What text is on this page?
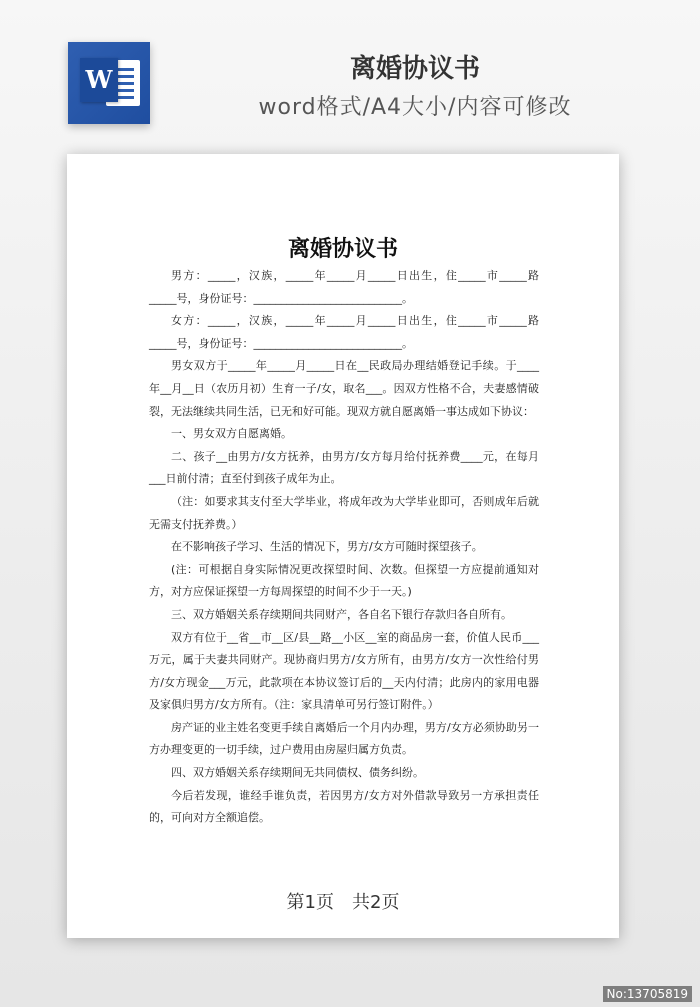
W	离婚协议书
word格式/A4大小/内容可修改
离婚协议书

男方：_____，汉族，_____年_____月_____日出生，住_____市_____路_____号，身份证号：___________________________。

女方：_____，汉族，_____年_____月_____日出生，住_____市_____路_____号，身份证号：___________________________。

男女双方于_____年_____月_____日在__民政局办理结婚登记手续。于____年__月__日（农历月初）生育一子/女，取名___。因双方性格不合，夫妻感情破裂，无法继续共同生活，已无和好可能。现双方就自愿离婚一事达成如下协议：

一、男女双方自愿离婚。

二、孩子__由男方/女方抚养，由男方/女方每月给付抚养费____元，在每月___日前付清；直至付到孩子成年为止。

（注：如要求其支付至大学毕业，将成年改为大学毕业即可，否则成年后就无需支付抚养费。）

在不影响孩子学习、生活的情况下，男方/女方可随时探望孩子。

(注：可根据自身实际情况更改探望时间、次数。但探望一方应提前通知对方，对方应保证探望一方每周探望的时间不少于一天。)

三、双方婚姻关系存续期间共同财产，各自名下银行存款归各自所有。

双方有位于__省__市__区/县__路__小区__室的商品房一套，价值人民币___万元，属于夫妻共同财产。现协商归男方/女方所有，由男方/女方一次性给付男方/女方现金___万元，此款项在本协议签订后的__天内付清；此房内的家用电器及家俱归男方/女方所有。（注：家具清单可另行签订附件。）

房产证的业主姓名变更手续自离婚后一个月内办理，男方/女方必须协助另一方办理变更的一切手续，过户费用由房屋归属方负责。

四、双方婚姻关系存续期间无共同债权、债务纠纷。

今后若发现，谁经手谁负责，若因男方/女方对外借款导致另一方承担责任的，可向对方全额追偿。

第1页　共2页
No:13705819
